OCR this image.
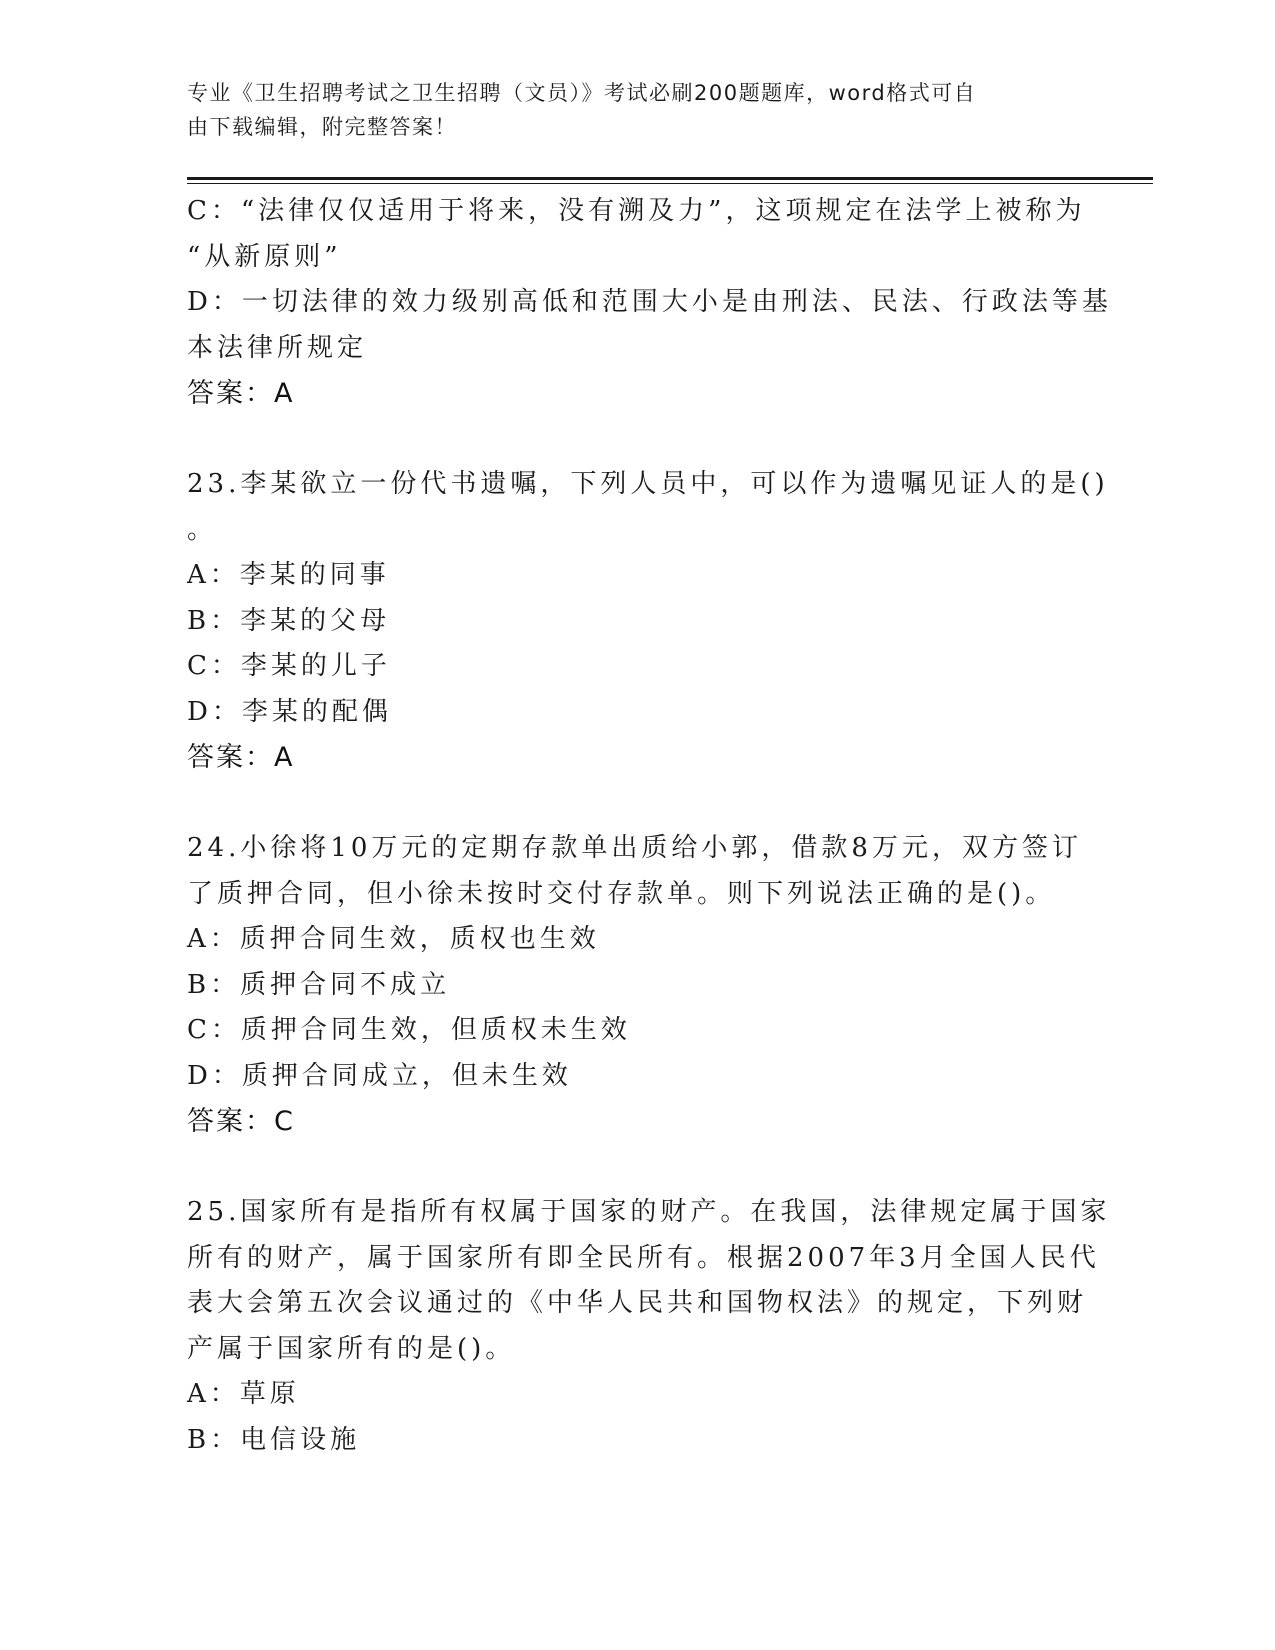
专业《卫生招聘考试之卫生招聘（文员）》考试必刷200题题库，word格式可自
由下载编辑，附完整答案！
C：“法律仅仅适用于将来，没有溯及力”，这项规定在法学上被称为
“从新原则”
D：一切法律的效力级别高低和范围大小是由刑法、民法、行政法等基
本法律所规定
答案：A
23.李某欲立一份代书遗嘱，下列人员中，可以作为遗嘱见证人的是()
。
A：李某的同事
B：李某的父母
C：李某的儿子
D：李某的配偶
答案：A
24.小徐将10万元的定期存款单出质给小郭，借款8万元，双方签订
了质押合同，但小徐未按时交付存款单。则下列说法正确的是()。
A：质押合同生效，质权也生效
B：质押合同不成立
C：质押合同生效，但质权未生效
D：质押合同成立，但未生效
答案：C
25.国家所有是指所有权属于国家的财产。在我国，法律规定属于国家
所有的财产，属于国家所有即全民所有。根据2007年3月全国人民代
表大会第五次会议通过的《中华人民共和国物权法》的规定，下列财
产属于国家所有的是()。
A：草原
B：电信设施
